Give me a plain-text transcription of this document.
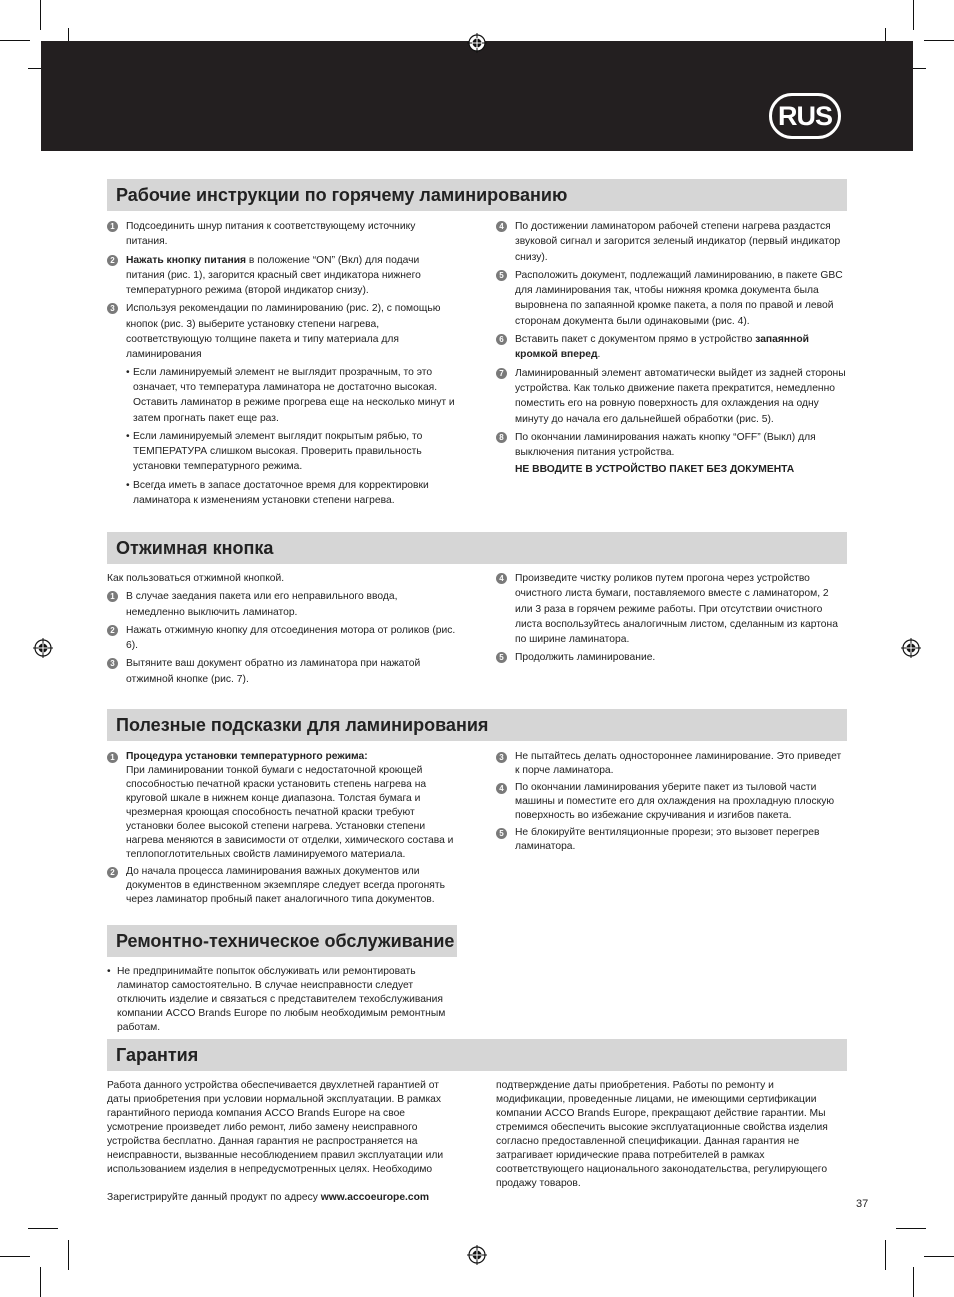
RUS
Рабочие инструкции по горячему ламинированию
1	Подсоединить шнур питания к соответствующему источнику питания.
2	Нажать кнопку питания в положение “ON” (Вкл) для подачи питания (рис. 1), загорится красный свет индикатора нижнего температурного режима (второй индикатор снизу).
3	Используя рекомендации по ламинированию (рис. 2), с помощью кнопок (рис. 3) выберите установку степени нагрева, соответствующую толщине пакета и типу материала для ламинирования
• Если ламинируемый элемент не выглядит прозрачным, то это означает, что температура ламинатора не достаточно высокая. Оставить ламинатор в режиме прогрева еще на несколько минут и затем прогнать пакет еще раз.
• Если ламинируемый элемент выглядит покрытым рябью, то ТЕМПЕРАТУРА слишком высокая. Проверить правильность установки температурного режима.
• Всегда иметь в запасе достаточное время для корректировки ламинатора к изменениям установки степени нагрева.
4	По достижении ламинатором рабочей степени нагрева раздастся звуковой сигнал и загорится зеленый индикатор (первый индикатор снизу).
5	Расположить документ, подлежащий ламинированию, в пакете GBC для ламинирования так, чтобы нижняя кромка документа была выровнена по запаянной кромке пакета, а поля по правой и левой сторонам документа были одинаковыми (рис. 4).
6	Вставить пакет с документом прямо в устройство запаянной кромкой вперед.
7	Ламинированный элемент автоматически выйдет из задней стороны устройства. Как только движение пакета прекратится, немедленно поместить его на ровную поверхность для охлаждения на одну минуту до начала его дальнейшей обработки (рис. 5).
8	По окончании ламинирования нажать кнопку “OFF” (Выкл) для выключения питания устройства.
НЕ ВВОДИТЕ В УСТРОЙСТВО ПАКЕТ БЕЗ ДОКУМЕНТА
Отжимная кнопка
Как пользоваться отжимной кнопкой.
1	В случае заедания пакета или его неправильного ввода, немедленно выключить ламинатор.
2	Нажать отжимную кнопку для отсоединения мотора от роликов (рис. 6).
3	Вытяните ваш документ обратно из ламинатора при нажатой отжимной кнопке (рис. 7).
4	Произведите чистку роликов путем прогона через устройство очистного листа бумаги, поставляемого вместе с ламинатором, 2 или 3 раза в горячем режиме работы. При отсутствии очистного листа воспользуйтесь аналогичным листом, сделанным из картона по ширине ламинатора.
5	Продолжить ламинирование.
Полезные подсказки для ламинирования
1	Процедура установки температурного режима:
При ламинировании тонкой бумаги с недостаточной кроющей способностью печатной краски установить степень нагрева на круговой шкале в нижнем конце диапазона. Толстая бумага и чрезмерная кроющая способность печатной краски требуют установки более высокой степени нагрева. Установки степени нагрева меняются в зависимости от отделки, химического состава и теплопоглотительных свойств ламинируемого материала.
2	До начала процесса ламинирования важных документов или документов в единственном экземпляре следует всегда прогонять через ламинатор пробный пакет аналогичного типа документов.
3	Не пытайтесь делать одностороннее ламинирование. Это приведет к порче ламинатора.
4	По окончании ламинирования уберите пакет из тыловой части машины и поместите его для охлаждения на прохладную плоскую поверхность во избежание скручивания и изгибов пакета.
5	Не блокируйте вентиляционные прорези; это вызовет перегрев ламинатора.
Ремонтно-техническое обслуживание
• Не предпринимайте попыток обслуживать или ремонтировать ламинатор самостоятельно. В случае неисправности следует отключить изделие и связаться с представителем техобслуживания компании ACCO Brands Europe по любым необходимым ремонтным работам.
Гарантия
Работа данного устройства обеспечивается двухлетней гарантией от даты приобретения при условии нормальной эксплуатации. В рамках гарантийного периода компания ACCO Brands Europe на свое усмотрение произведет либо ремонт, либо замену неисправного устройства бесплатно. Данная гарантия не распространяется на неисправности, вызванные несоблюдением правил эксплуатации или использованием изделия в непредусмотренных целях. Необходимо
Зарегистрируйте данный продукт по адресу www.accoeurope.com
подтверждение даты приобретения. Работы по ремонту и модификации, проведенные лицами, не имеющими сертификации компании ACCO Brands Europe, прекращают действие гарантии. Мы стремимся обеспечить высокие эксплуатационные свойства изделия согласно предоставленной спецификации. Данная гарантия не затрагивает юридические права потребителей в рамках соответствующего национального законодательства, регулирующего продажу товаров.
37
